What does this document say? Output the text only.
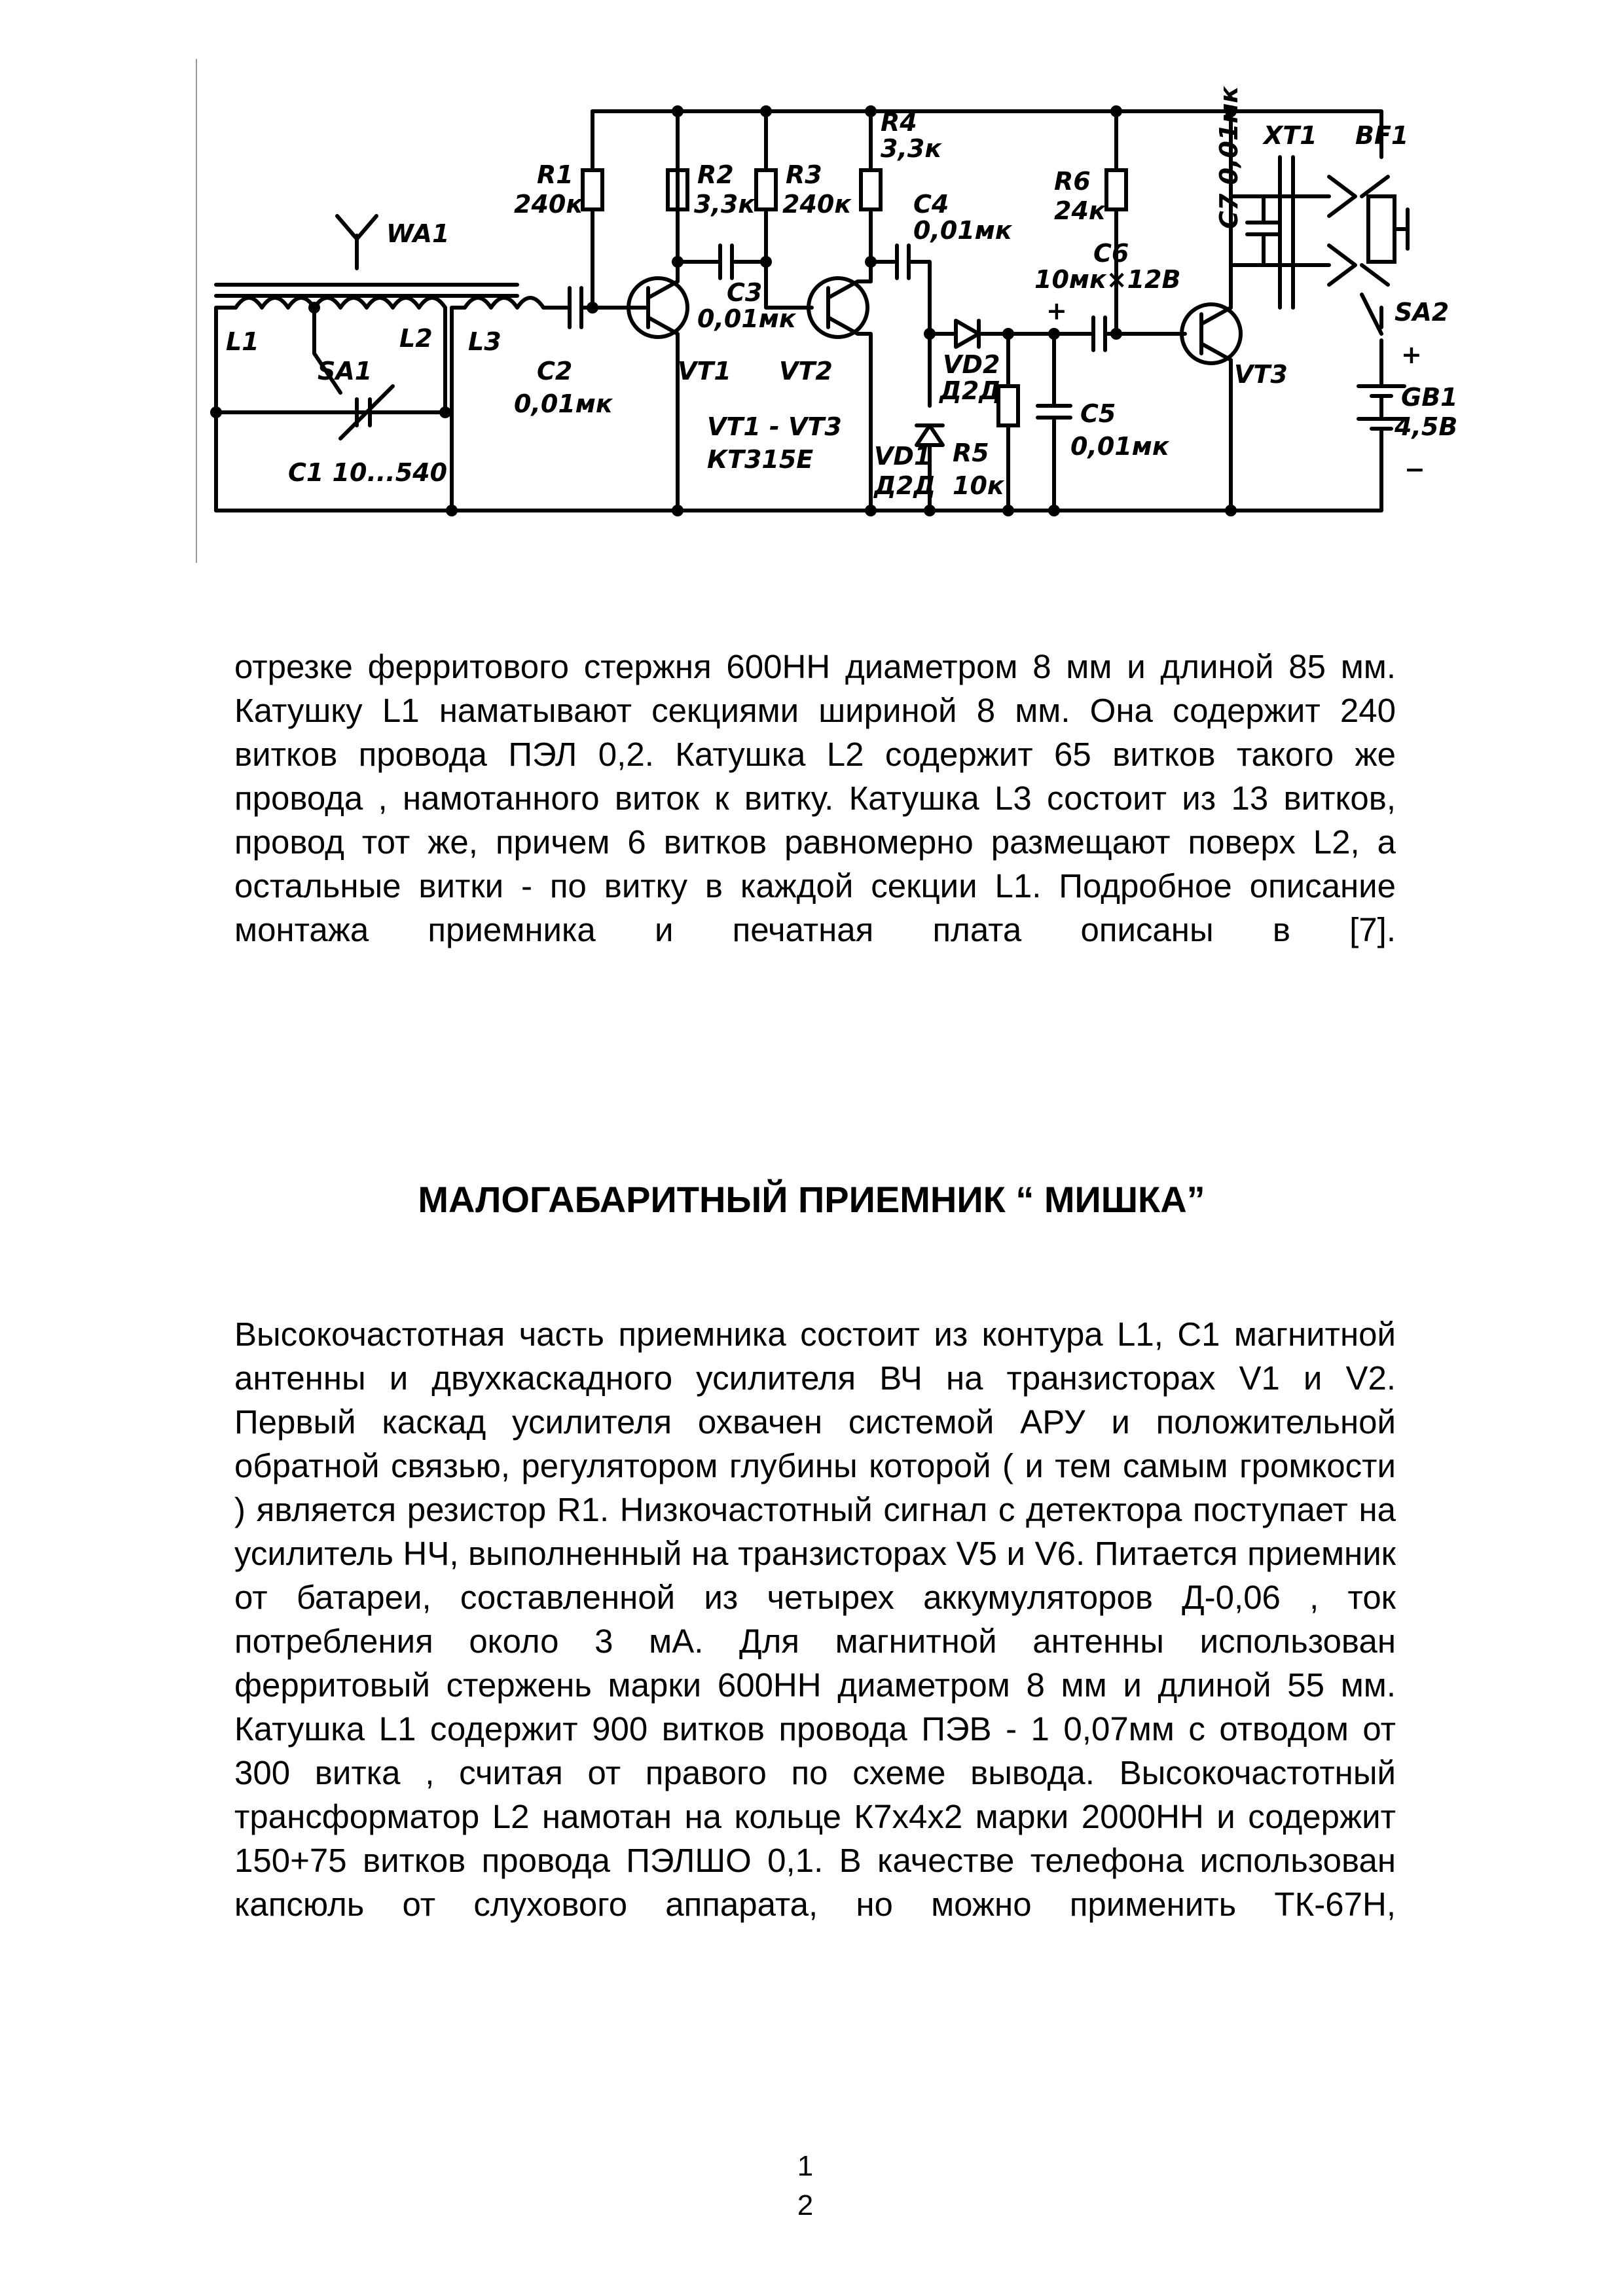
WA1
L1	L2
SA1
C1 10...540
L3
C2
0,01мк
R1
240к
VT1
R2
3,3к
C3
0,01мк
R3
240к
VT2
VT1 - VT3
КТ315Е
R4
3,3к
C4
0,01мк
VD2
Д2Д
VD1
Д2Д
R5
10к
C5
0,01мк
+
C6
10мк×12В
R6
24к
VT3
C7 0,01мк XT1 BF1
SA2
+
GB1
4,5В
−
отрезке ферритового стержня 600НН диаметром 8 мм и длиной 85 мм. Катушку L1 наматывают секциями шириной 8 мм. Она содержит 240 витков провода ПЭЛ 0,2. Катушка L2 содержит 65 витков такого же провода , намотанного виток к витку. Катушка L3 состоит из 13 витков, провод тот же, причем 6 витков равномерно размещают поверх L2, а остальные витки - по витку в каждой секции L1. Подробное описание монтажа приемника и печатная плата описаны в [7].
МАЛОГАБАРИТНЫЙ ПРИЕМНИК “ МИШКА”
Высокочастотная часть приемника состоит из контура L1, C1 магнитной антенны и двухкаскадного усилителя ВЧ на транзисторах V1 и V2. Первый каскад усилителя охвачен системой АРУ и положительной обратной связью, регулятором глубины которой ( и тем самым громкости ) является резистор R1. Низкочастотный сигнал с детектора поступает на усилитель НЧ, выполненный на транзисторах V5 и V6. Питается приемник от батареи, составленной из четырех аккумуляторов Д-0,06 , ток потребления около 3 мА. Для магнитной антенны использован ферритовый стержень марки 600НН диаметром 8 мм и длиной 55 мм. Катушка L1 содержит 900 витков провода ПЭВ - 1 0,07мм с отводом от 300 витка , считая от правого по схеме вывода. Высокочастотный трансформатор L2 намотан на кольце К7х4х2 марки 2000НН и содержит 150+75 витков провода ПЭЛШО 0,1. В качестве телефона использован капсюль от слухового аппарата, но можно применить ТК-67Н,
1
2
